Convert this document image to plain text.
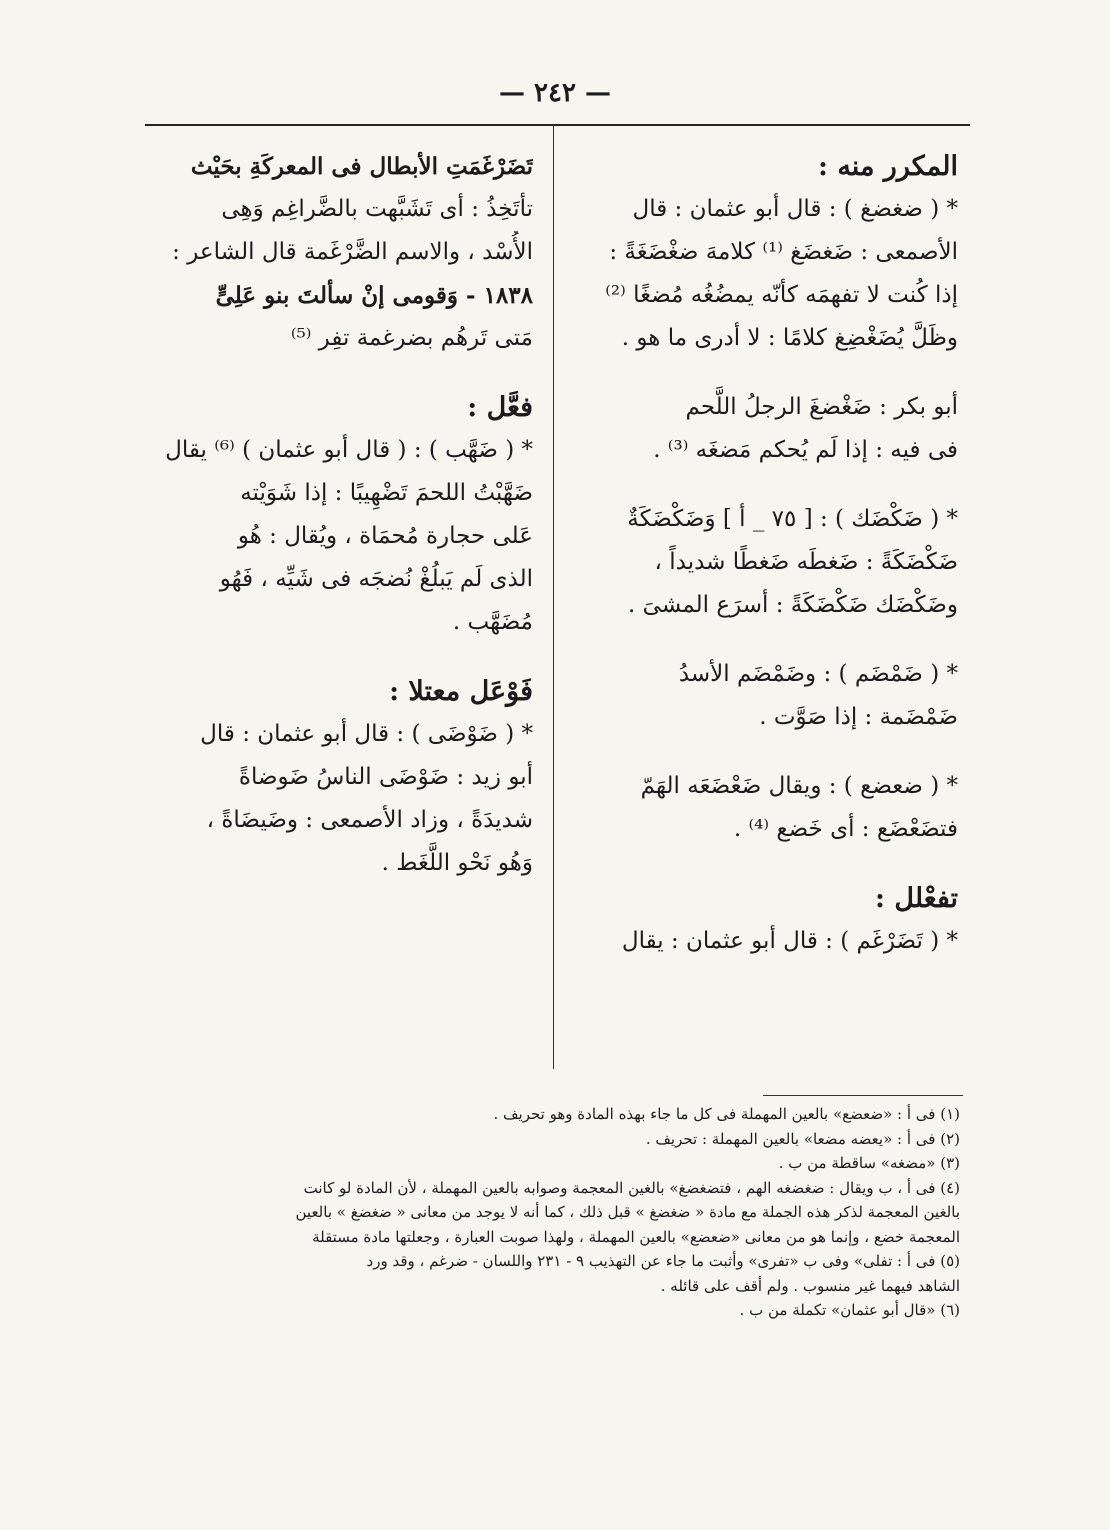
— ٢٤٢ —
المكرر منه :
* ( ضغضغ ) : قال أبو عثمان : قال
الأصمعى : ضَغضَغ ⁽¹⁾ كلامهَ ضغْضَغَةً :
إذا كُنت لا تفهمَه كأنّه يمضُغُه مُضغًا ⁽²⁾
وظَلَّ يُضَغْضِغ كلامًا : لا أدرى ما هو .
أبو بكر : ضَغْضغَ الرجلُ اللَّحم
فى فيه : إذا لَم يُحكم مَضغَه ⁽³⁾ .
* ( ضَكْضَك ) : [ ٧٥ _ أ ] وَضَكْضَكَةٌ
ضَكْضَكَةً : ضَغطَه ضَغطًا شديداً ،
وضَكْضَك ضَكْضَكَةً : أسرَع المشىَ .
* ( ضَمْضَم ) : وضَمْضَم الأسدُ
ضَمْضَمة : إذا صَوَّت .
* ( ضعضع ) : ويقال ضَعْضَعَه الهَمّ
فتضَعْضَع : أى خَضع ⁽⁴⁾ .
تفعْلل :
* ( تَضَرْغَم ) : قال أبو عثمان : يقال
تَضَرْغَمَتِ الأبطال فى المعركَةِ بحَيْث
تأتَخِذُ : أى تَشَبَّهت بالضَّراغِم وَهِى
الأُسْد ، والاسم الضَّرْغَمة قال الشاعر :
١٨٣٨ - وَقومى إنْ سألتَ بنو عَلِىٍّ
مَتى تَرهُم بضرغمة تفِر ⁽⁵⁾
فعَّل :
* ( ضَهَّب ) : ( قال أبو عثمان ) ⁽⁶⁾ يقال
ضَهَّبْتُ اللحمَ تَضْهِيبًا : إذا شَوَيْته
عَلى حجارة مُحمَاة ، ويُقال : هُو
الذى لَم يَبلُغْ نُضجَه فى شَيِّه ، فَهُو
مُضَهَّب .
فَوْعَل معتلا :
* ( ضَوْضَى ) : قال أبو عثمان : قال
أبو زيد : ضَوْضَى الناسُ ضَوضاةً
شديدَةً ، وزاد الأصمعى : وضَيضَاةً ،
وَهُو نَحْو اللَّغَط .
(١) فى أ : «ضعضع» بالعين المهملة فى كل ما جاء بهذه المادة وهو تحريف .
(٢) فى أ : «يعضه مضعا» بالعين المهملة : تحريف .
(٣) «مضغه» ساقطة من ب .
(٤) فى أ ، ب ويقال : ضغضغه الهم ، فتضغضغ» بالغين المعجمة وصوابه بالعين المهملة ، لأن المادة لو كانت
بالغين المعجمة لذكر هذه الجملة مع مادة « ضغضغ » قبل ذلك ، كما أنه لا يوجد من معانى « ضغضغ » بالعين
المعجمة خضع ، وإنما هو من معانى «ضعضع» بالعين المهملة ، ولهذا صوبت العبارة ، وجعلتها مادة مستقلة
(٥) فى أ : تفلى» وفى ب «تفرى» وأثبت ما جاء عن التهذيب ٩ - ٢٣١ واللسان - ضرغم ، وقد ورد
الشاهد فيهما غير منسوب . ولم أقف على قائله .
(٦) «قال أبو عثمان» تكملة من ب .
